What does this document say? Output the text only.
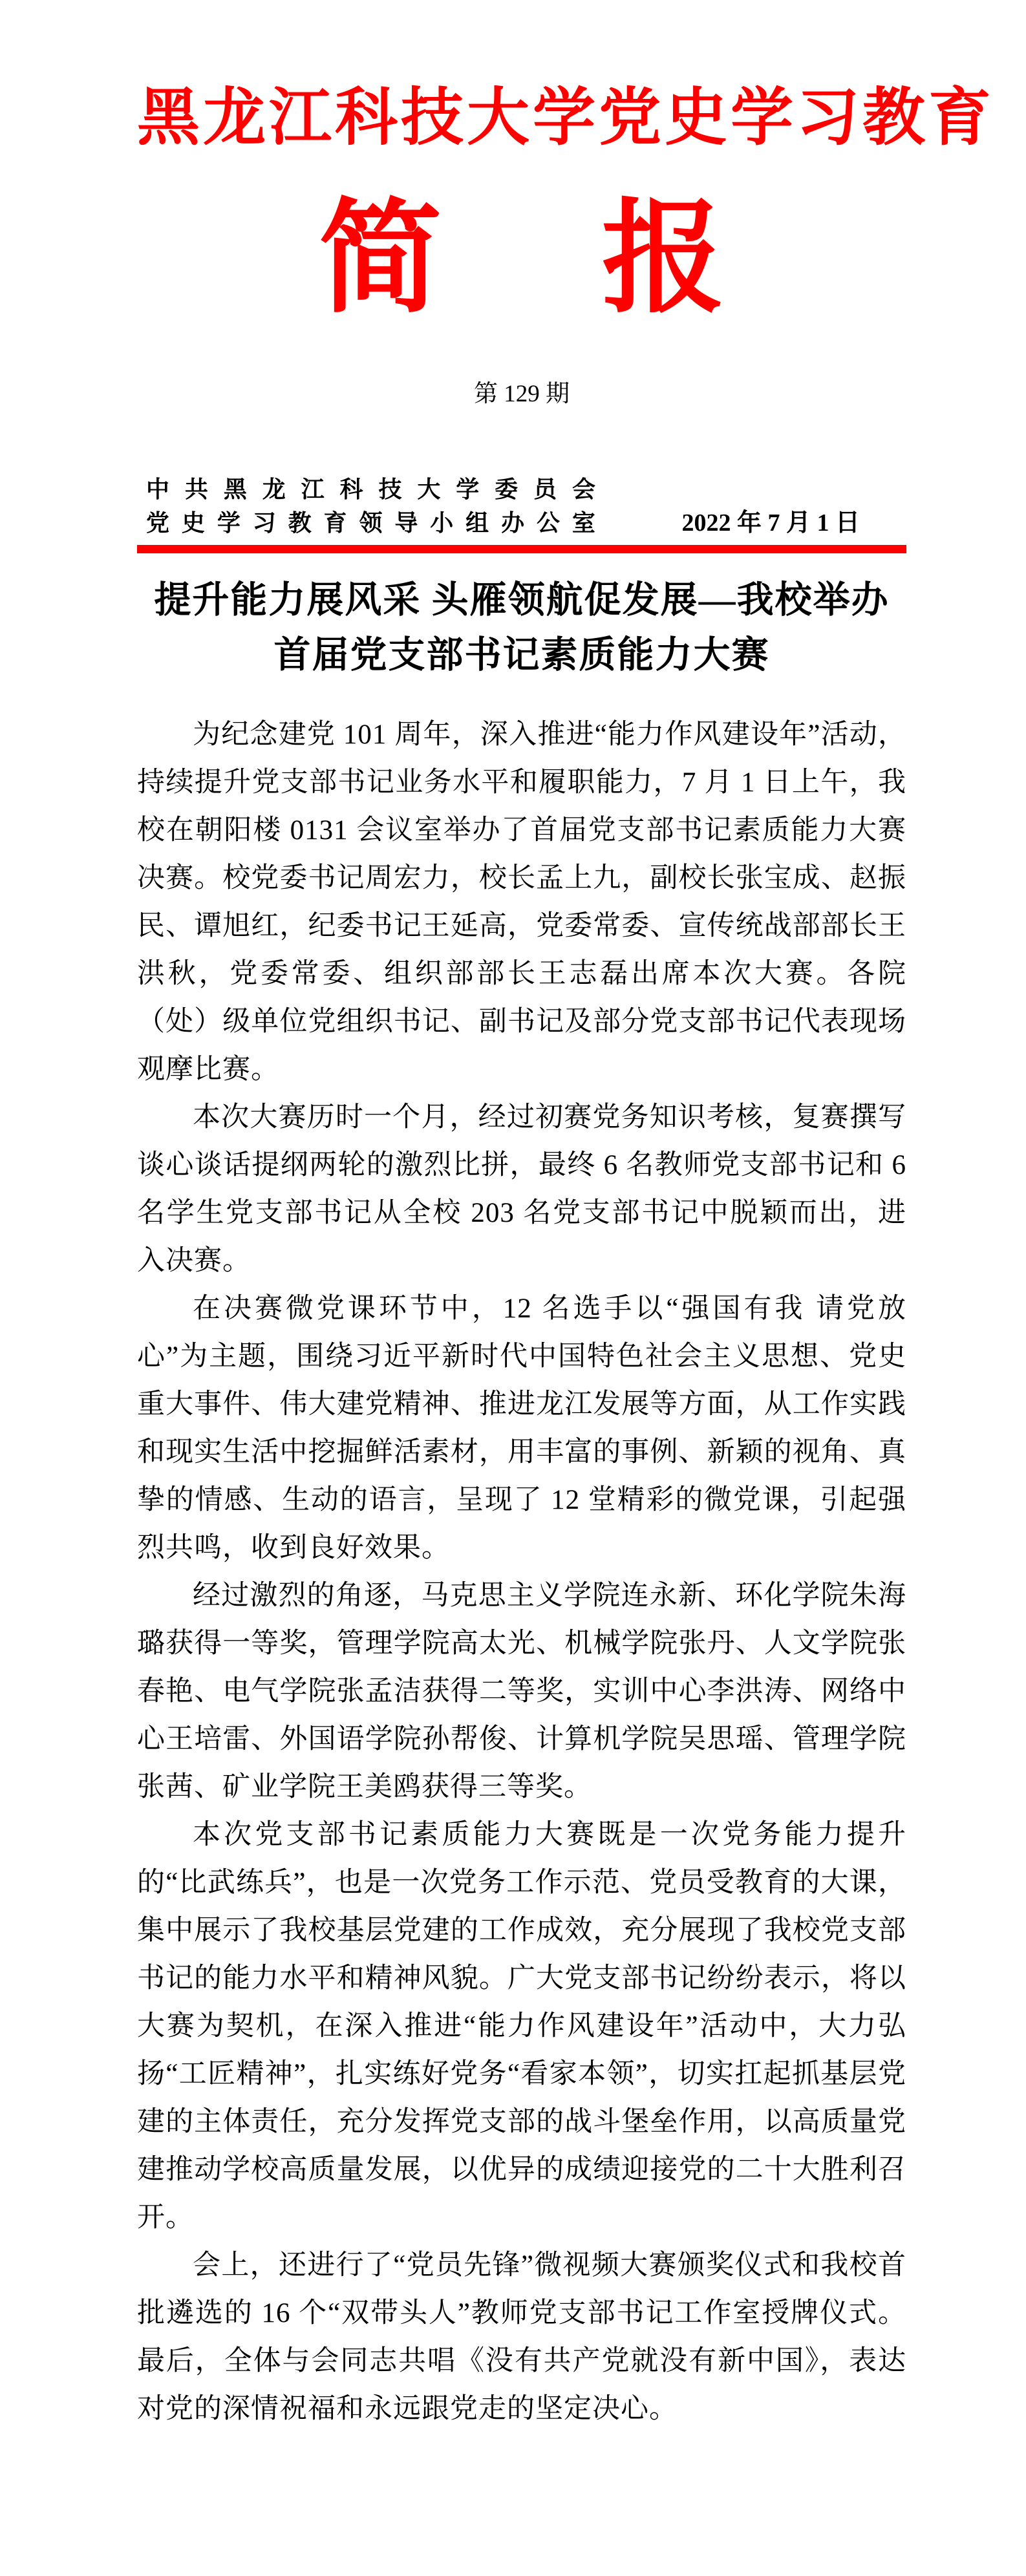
黑龙江科技大学党史学习教育
简 报
第 129 期
中 共 黑 龙 江 科 技 大 学 委 员 会
党 史 学 习 教 育 领 导 小 组 办 公 室	2022 年 7 月 1 日
提升能力展风采 头雁领航促发展—我校举办
首届党支部书记素质能力大赛

为纪念建党 101 周年，深入推进“能力作风建设年”活动，持续提升党支部书记业务水平和履职能力，7 月 1 日上午，我校在朝阳楼 0131 会议室举办了首届党支部书记素质能力大赛决赛。校党委书记周宏力，校长孟上九，副校长张宝成、赵振民、谭旭红，纪委书记王延高，党委常委、宣传统战部部长王洪秋，党委常委、组织部部长王志磊出席本次大赛。各院（处）级单位党组织书记、副书记及部分党支部书记代表现场观摩比赛。

本次大赛历时一个月，经过初赛党务知识考核，复赛撰写谈心谈话提纲两轮的激烈比拼，最终 6 名教师党支部书记和 6 名学生党支部书记从全校 203 名党支部书记中脱颖而出，进入决赛。

在决赛微党课环节中，12 名选手以“强国有我 请党放心”为主题，围绕习近平新时代中国特色社会主义思想、党史重大事件、伟大建党精神、推进龙江发展等方面，从工作实践和现实生活中挖掘鲜活素材，用丰富的事例、新颖的视角、真挚的情感、生动的语言，呈现了 12 堂精彩的微党课，引起强烈共鸣，收到良好效果。

经过激烈的角逐，马克思主义学院连永新、环化学院朱海璐获得一等奖，管理学院高太光、机械学院张丹、人文学院张春艳、电气学院张孟洁获得二等奖，实训中心李洪涛、网络中心王培雷、外国语学院孙帮俊、计算机学院吴思瑶、管理学院张茜、矿业学院王美鸥获得三等奖。

本次党支部书记素质能力大赛既是一次党务能力提升的“比武练兵”，也是一次党务工作示范、党员受教育的大课，集中展示了我校基层党建的工作成效，充分展现了我校党支部书记的能力水平和精神风貌。广大党支部书记纷纷表示，将以大赛为契机，在深入推进“能力作风建设年”活动中，大力弘扬“工匠精神”，扎实练好党务“看家本领”，切实扛起抓基层党建的主体责任，充分发挥党支部的战斗堡垒作用，以高质量党建推动学校高质量发展，以优异的成绩迎接党的二十大胜利召开。

会上，还进行了“党员先锋”微视频大赛颁奖仪式和我校首批遴选的 16 个“双带头人”教师党支部书记工作室授牌仪式。最后，全体与会同志共唱《没有共产党就没有新中国》，表达对党的深情祝福和永远跟党走的坚定决心。
